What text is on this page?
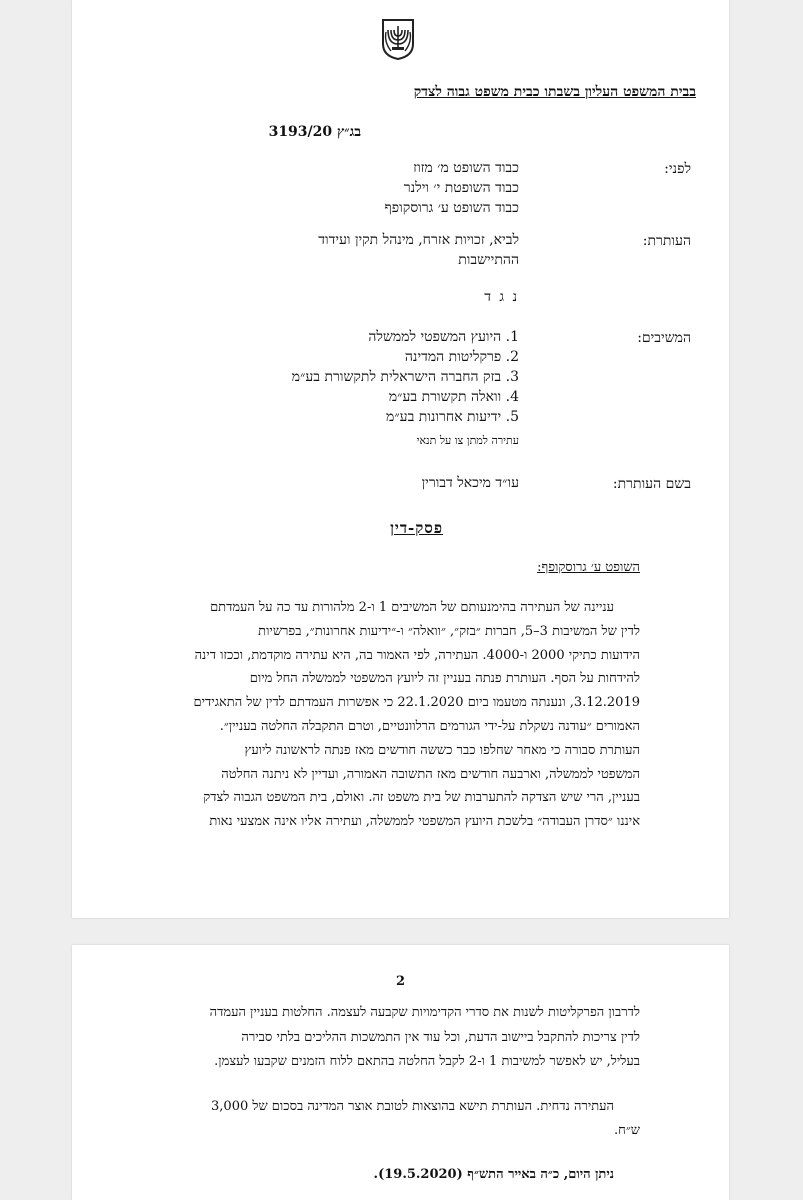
בבית המשפט העליון בשבתו כבית משפט גבוה לצדק
בג״ץ 3193/20
לפני:
כבוד השופט מ׳ מזוז
כבוד השופטת י׳ וילנר
כבוד השופט ע׳ גרוסקופף
העותרת:
לביא, זכויות אזרח, מינהל תקין ועידוד
ההתיישבות
נ ג ד
המשיבים:
1. היועץ המשפטי לממשלה
2. פרקליטות המדינה
3. בזק החברה הישראלית לתקשורת בע״מ
4. וואלה תקשורת בע״מ
5. ידיעות אחרונות בע״מ
עתירה למתן צו על תנאי
בשם העותרת:
עו״ד מיכאל דבורין
פסק-דין
השופט ע׳ גרוסקופף:
עניינה של העתירה בהימנעותם של המשיבים 1 ו-2 מלהורות עד כה על העמדתם
לדין של המשיבות 3–5, חברות ״בזק״, ״וואלה״ ו-״ידיעות אחרונות״, בפרשיות
הידועות כתיקי 2000 ו-4000. העתירה, לפי האמור בה, היא עתירה מוקדמת, וככזו דינה
להידחות על הסף. העותרת פנתה בעניין זה ליועץ המשפטי לממשלה החל מיום
3.12.2019, ונענתה מטעמו ביום 22.1.2020 כי אפשרות העמדתם לדין של התאגידים
האמורים ״עודנה נשקלת על-ידי הגורמים הרלוונטיים, וטרם התקבלה החלטה בעניין״.
העותרת סבורה כי מאחר שחלפו כבר כששה חודשים מאז פנתה לראשונה ליועץ
המשפטי לממשלה, וארבעה חודשים מאז התשובה האמורה, ועדיין לא ניתנה החלטה
בעניין, הרי שיש הצדקה להתערבות של בית משפט זה. ואולם, בית המשפט הגבוה לצדק
איננו ״סדרן העבודה״ בלשכת היועץ המשפטי לממשלה, ועתירה אליו אינה אמצעי נאות
2
לדרבון הפרקליטות לשנות את סדרי הקדימויות שקבעה לעצמה. החלטות בעניין העמדה
לדין צריכות להתקבל ביישוב הדעת, וכל עוד אין התמשכות ההליכים בלתי סבירה
בעליל, יש לאפשר למשיבות 1 ו-2 לקבל החלטה בהתאם ללוח הזמנים שקבעו לעצמן.
העתירה נדחית. העותרת תישא בהוצאות לטובת אוצר המדינה בסכום של 3,000
ש״ח.
ניתן היום, כ״ה באייר התש״ף (19.5.2020).
